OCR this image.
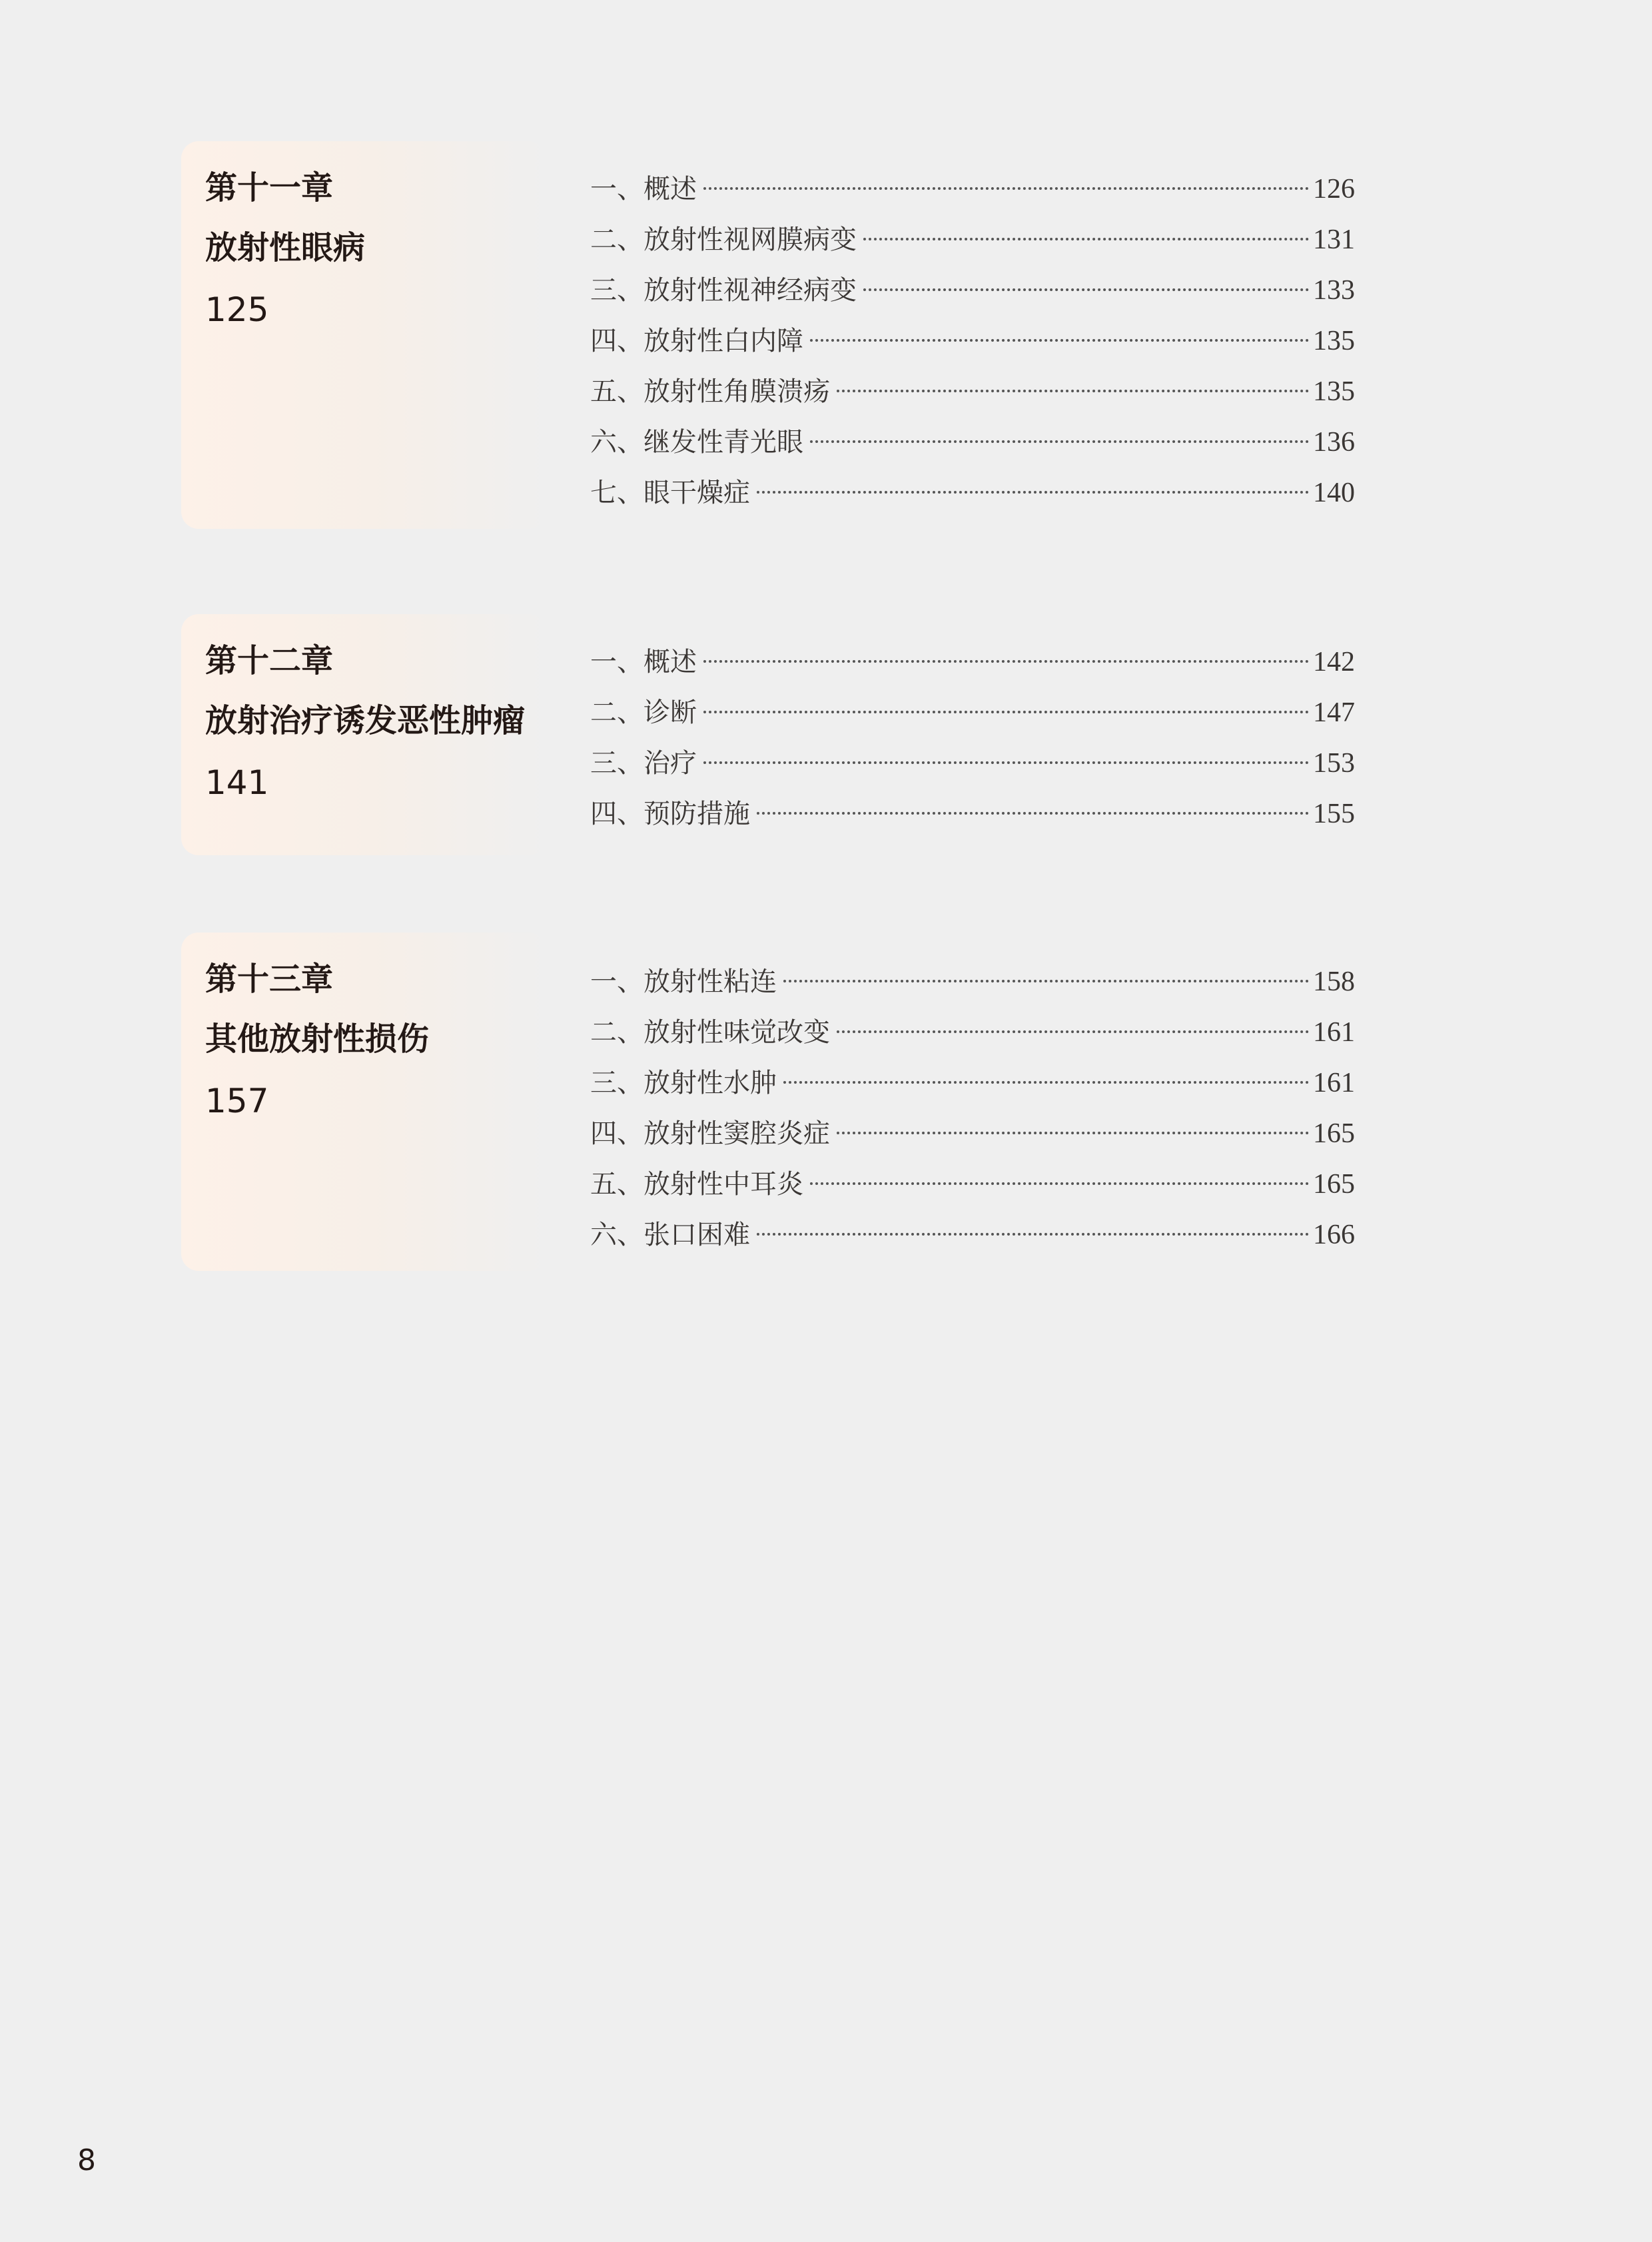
第十一章
放射性眼病
125
一、概述	126
二、放射性视网膜病变	131
三、放射性视神经病变	133
四、放射性白内障	135
五、放射性角膜溃疡	135
六、继发性青光眼	136
七、眼干燥症	140
第十二章
放射治疗诱发恶性肿瘤
141
一、概述	142
二、诊断	147
三、治疗	153
四、预防措施	155
第十三章
其他放射性损伤
157
一、放射性粘连	158
二、放射性味觉改变	161
三、放射性水肿	161
四、放射性窦腔炎症	165
五、放射性中耳炎	165
六、张口困难	166
8
